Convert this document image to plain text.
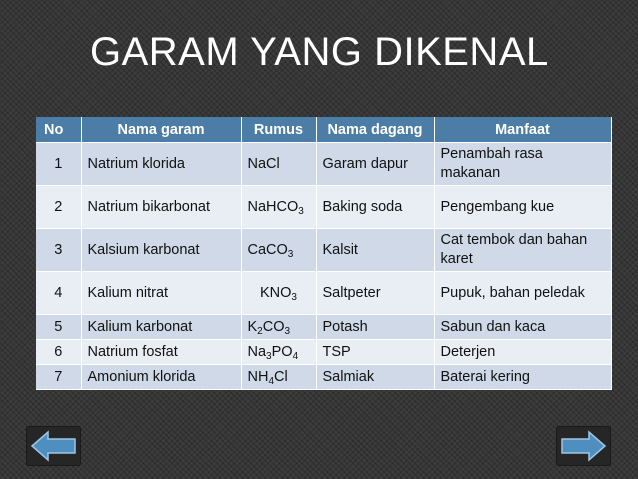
GARAM YANG DIKENAL
No	Nama garam	Rumus	Nama dagang	Manfaat
1	Natrium klorida	NaCl	Garam dapur	Penambah rasa makanan
2	Natrium bikarbonat	NaHCO$_3$	Baking soda	Pengembang kue
3	Kalsium karbonat	CaCO$_3$	Kalsit	Cat tembok dan bahan karet
4	Kalium nitrat	$KNO_3$	Saltpeter	Pupuk, bahan peledak
5	Kalium karbonat	$K_2CO_3$	Potash	Sabun dan kaca
6	Natrium fosfat	$Na_3PO_4$	TSP	Deterjen
7	Amonium klorida	$NH_4Cl$	Salmiak	Baterai kering
